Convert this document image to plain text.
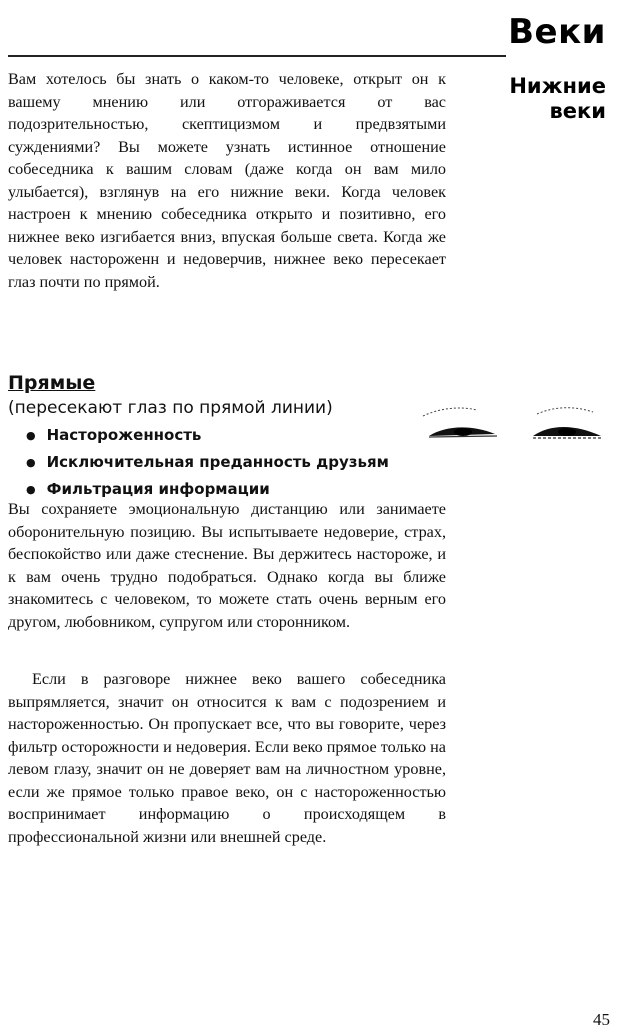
Веки
Нижние веки

Вам хотелось бы знать о каком-то человеке, открыт он к вашему мнению или отгораживается от вас подозрительностью, скептицизмом и предвзятыми суждениями? Вы можете узнать истинное отношение собеседника к вашим словам (даже когда он вам мило улыбается), взглянув на его нижние веки. Когда человек настроен к мнению собеседника открыто и позитивно, его нижнее веко изгибается вниз, впуская больше света. Когда же человек настороженн и недоверчив, нижнее веко пересекает глаз почти по прямой.

Прямые
(пересекают глаз по прямой линии)
● Настороженность
● Исключительная преданность друзьям
● Фильтрация информации

Вы сохраняете эмоциональную дистанцию или занимаете оборонительную позицию. Вы испытываете недоверие, страх, беспокойство или даже стеснение. Вы держитесь настороже, и к вам очень трудно подобраться. Однако когда вы ближе знакомитесь с человеком, то можете стать очень верным его другом, любовником, супругом или сторонником.

Если в разговоре нижнее веко вашего собеседника выпрямляется, значит он относится к вам с подозрением и настороженностью. Он пропускает все, что вы говорите, через фильтр осторожности и недоверия. Если веко прямое только на левом глазу, значит он не доверяет вам на личностном уровне, если же прямое только правое веко, он с настороженностью воспринимает информацию о происходящем в профессиональной жизни или внешней среде.

45
